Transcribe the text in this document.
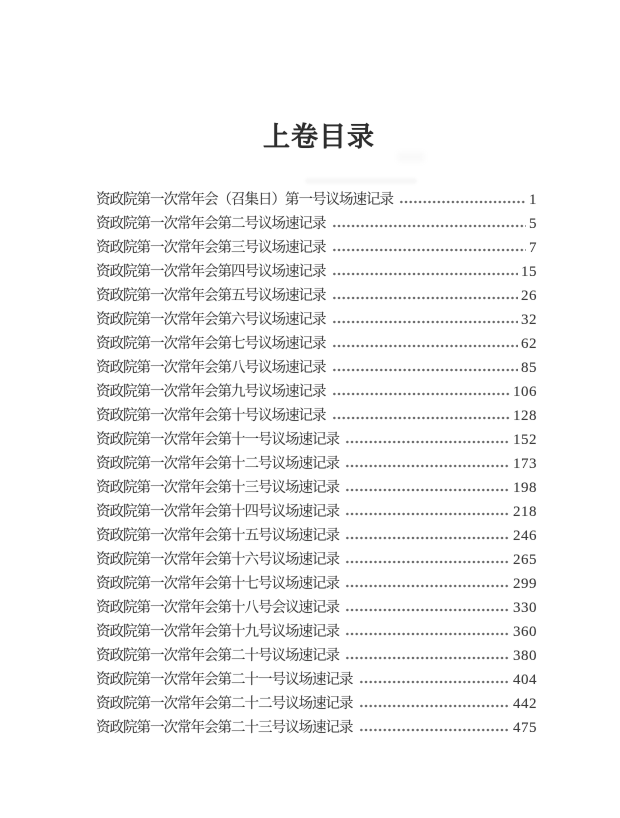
上卷目录
资政院第一次常年会（召集日）第一号议场速记录	1
资政院第一次常年会第二号议场速记录	5
资政院第一次常年会第三号议场速记录	7
资政院第一次常年会第四号议场速记录	15
资政院第一次常年会第五号议场速记录	26
资政院第一次常年会第六号议场速记录	32
资政院第一次常年会第七号议场速记录	62
资政院第一次常年会第八号议场速记录	85
资政院第一次常年会第九号议场速记录	106
资政院第一次常年会第十号议场速记录	128
资政院第一次常年会第十一号议场速记录	152
资政院第一次常年会第十二号议场速记录	173
资政院第一次常年会第十三号议场速记录	198
资政院第一次常年会第十四号议场速记录	218
资政院第一次常年会第十五号议场速记录	246
资政院第一次常年会第十六号议场速记录	265
资政院第一次常年会第十七号议场速记录	299
资政院第一次常年会第十八号会议速记录	330
资政院第一次常年会第十九号议场速记录	360
资政院第一次常年会第二十号议场速记录	380
资政院第一次常年会第二十一号议场速记录	404
资政院第一次常年会第二十二号议场速记录	442
资政院第一次常年会第二十三号议场速记录	475
